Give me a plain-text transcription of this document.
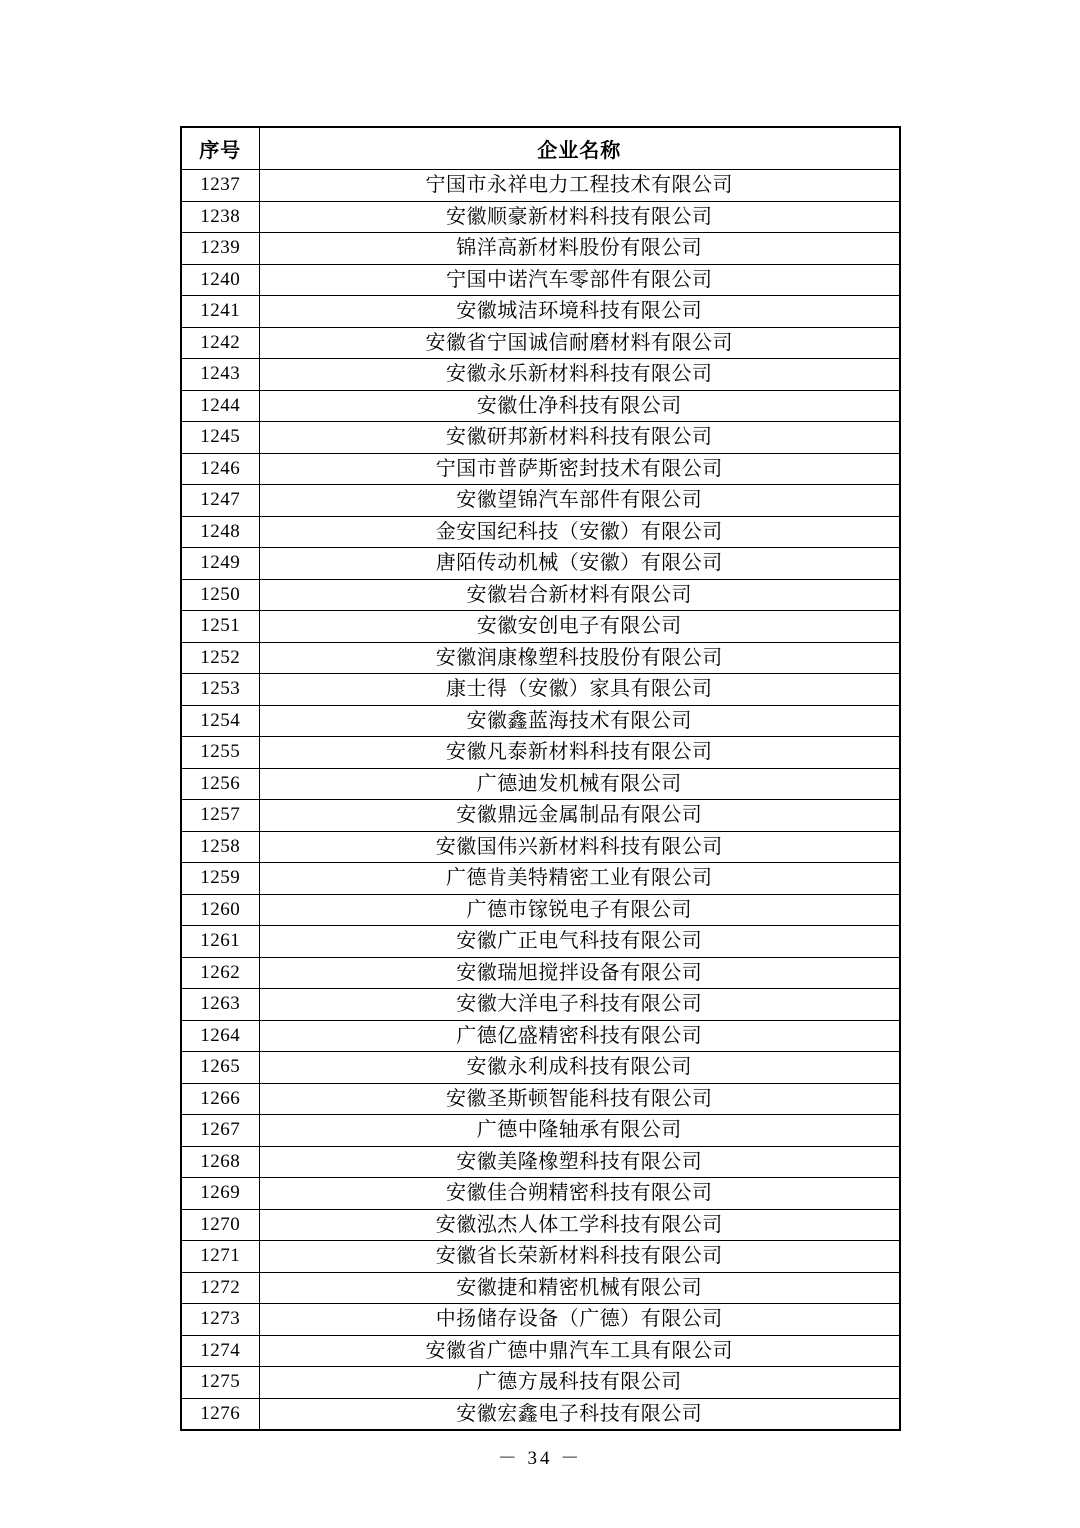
序号	企业名称
1237	宁国市永祥电力工程技术有限公司
1238	安徽顺豪新材料科技有限公司
1239	锦洋高新材料股份有限公司
1240	宁国中诺汽车零部件有限公司
1241	安徽城洁环境科技有限公司
1242	安徽省宁国诚信耐磨材料有限公司
1243	安徽永乐新材料科技有限公司
1244	安徽仕净科技有限公司
1245	安徽研邦新材料科技有限公司
1246	宁国市普萨斯密封技术有限公司
1247	安徽望锦汽车部件有限公司
1248	金安国纪科技（安徽）有限公司
1249	唐陌传动机械（安徽）有限公司
1250	安徽岩合新材料有限公司
1251	安徽安创电子有限公司
1252	安徽润康橡塑科技股份有限公司
1253	康士得（安徽）家具有限公司
1254	安徽鑫蓝海技术有限公司
1255	安徽凡泰新材料科技有限公司
1256	广德迪发机械有限公司
1257	安徽鼎远金属制品有限公司
1258	安徽国伟兴新材料科技有限公司
1259	广德肯美特精密工业有限公司
1260	广德市镓锐电子有限公司
1261	安徽广正电气科技有限公司
1262	安徽瑞旭搅拌设备有限公司
1263	安徽大洋电子科技有限公司
1264	广德亿盛精密科技有限公司
1265	安徽永利成科技有限公司
1266	安徽圣斯顿智能科技有限公司
1267	广德中隆轴承有限公司
1268	安徽美隆橡塑科技有限公司
1269	安徽佳合朔精密科技有限公司
1270	安徽泓杰人体工学科技有限公司
1271	安徽省长荣新材料科技有限公司
1272	安徽捷和精密机械有限公司
1273	中扬储存设备（广德）有限公司
1274	安徽省广德中鼎汽车工具有限公司
1275	广德方晟科技有限公司
1276	安徽宏鑫电子科技有限公司
－ 34 －
